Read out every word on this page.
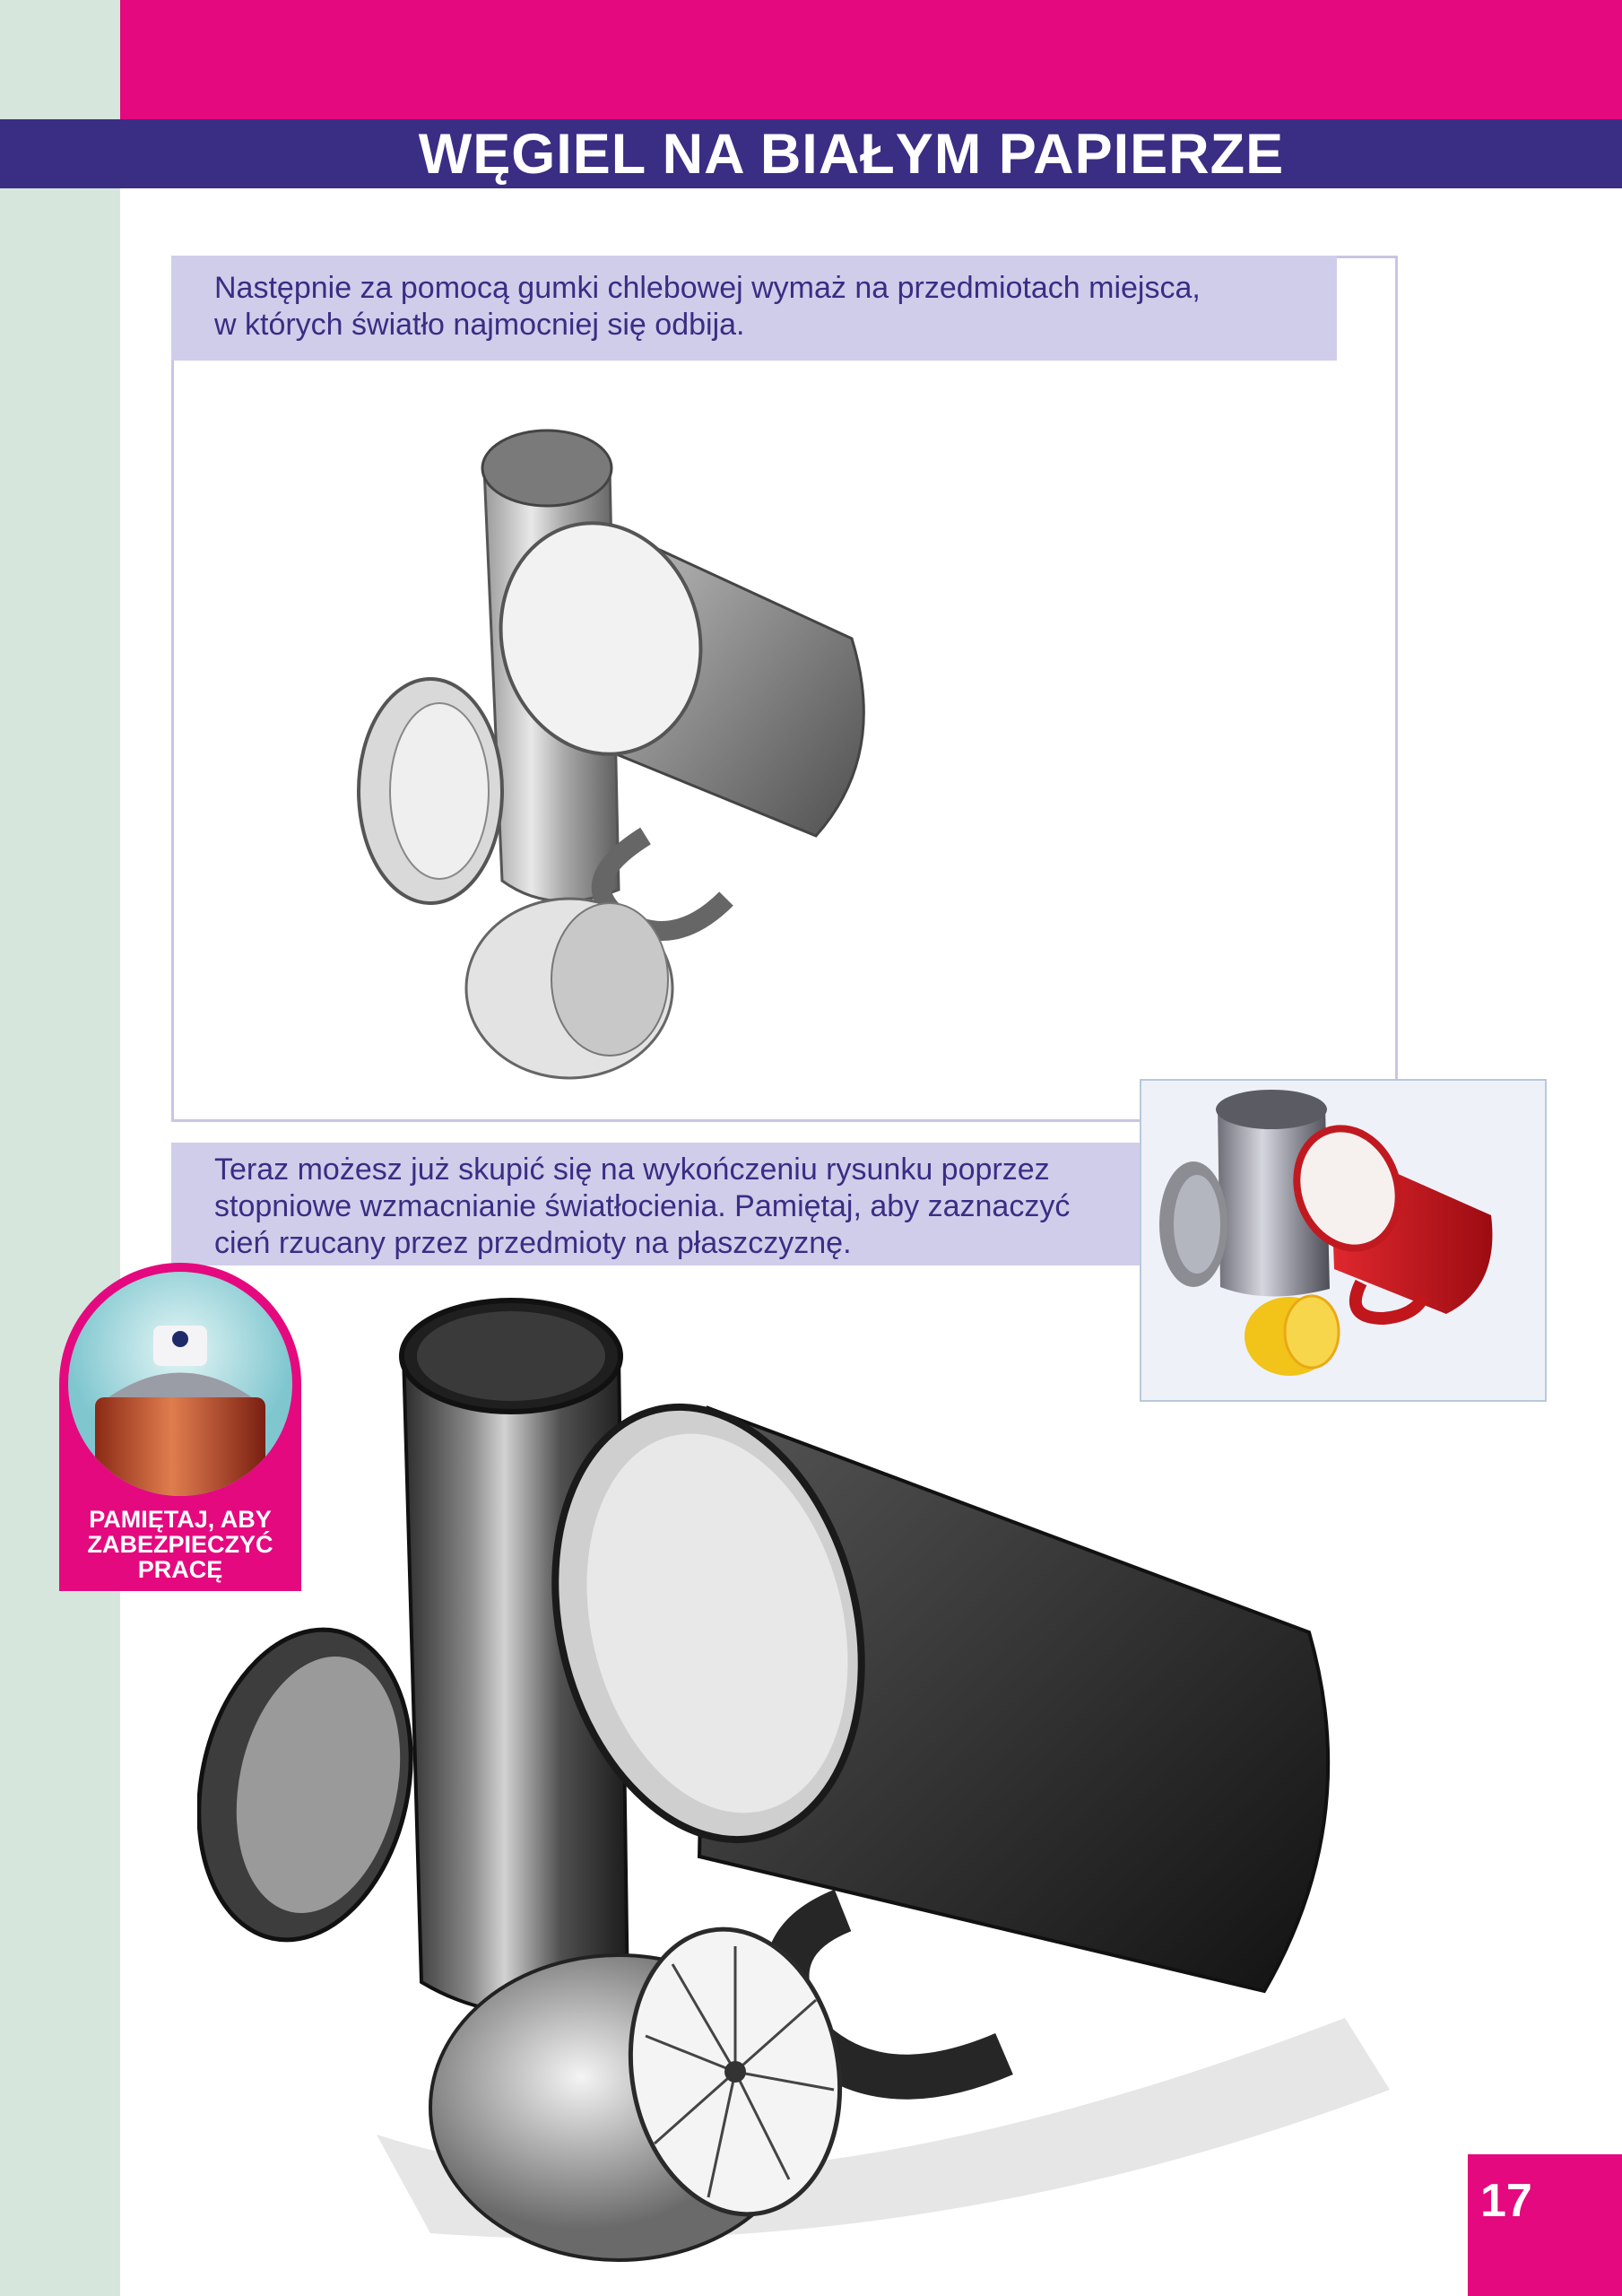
WĘGIEL NA BIAŁYM PAPIERZE
Następnie za pomocą gumki chlebowej wymaż na przedmiotach miejsca,
w których światło najmocniej się odbija.
Teraz możesz już skupić się na wykończeniu rysunku poprzez
stopniowe wzmacnianie światłocienia. Pamiętaj, aby zaznaczyć
cień rzucany przez przedmioty na płaszczyznę.
PAMIĘTAJ, ABY
ZABEZPIECZYĆ
PRACĘ
17
